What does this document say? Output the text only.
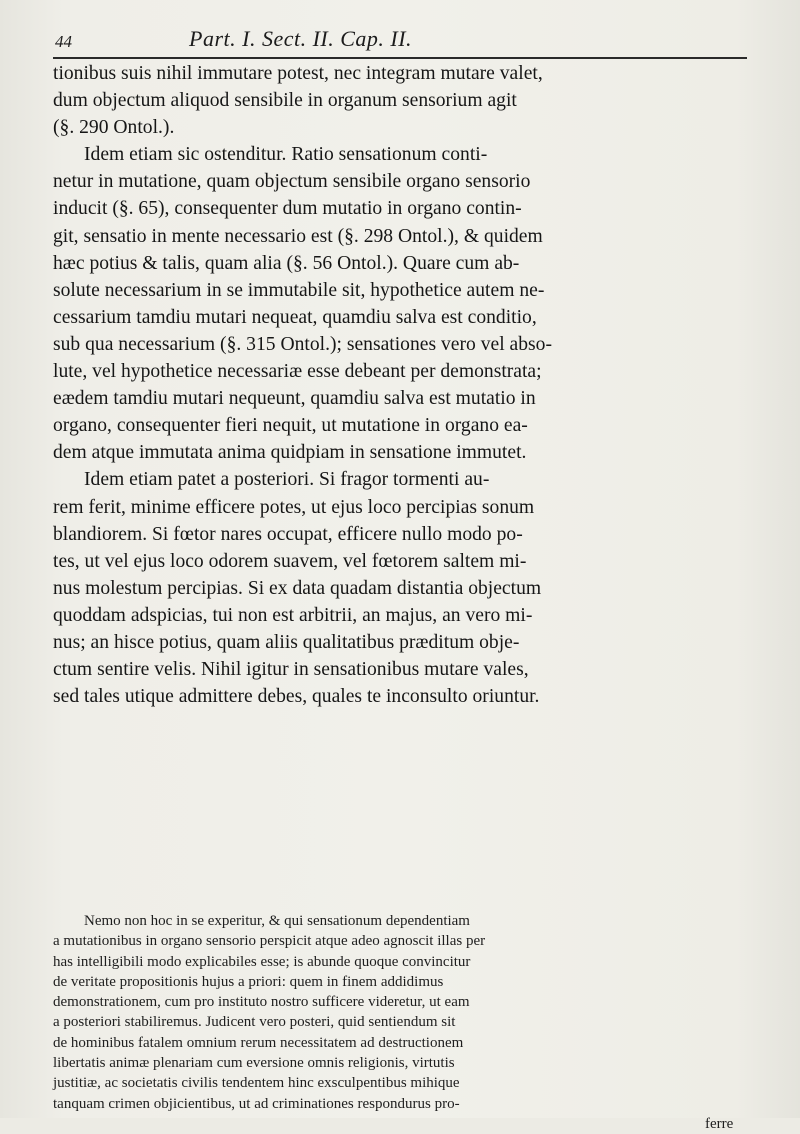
44	Part. I. Sect. II. Cap. II.
tionibus suis nihil immutare potest, nec integram mutare valet,
dum objectum aliquod sensibile in organum sensorium agit
(§. 290 Ontol.).
Idem etiam sic ostenditur. Ratio sensationum conti-
netur in mutatione, quam objectum sensibile organo sensorio
inducit (§. 65), consequenter dum mutatio in organo contin-
git, sensatio in mente necessario est (§. 298 Ontol.), & quidem
hæc potius & talis, quam alia (§. 56 Ontol.). Quare cum ab-
solute necessarium in se immutabile sit, hypothetice autem ne-
cessarium tamdiu mutari nequeat, quamdiu salva est conditio,
sub qua necessarium (§. 315 Ontol.); sensationes vero vel abso-
lute, vel hypothetice necessariæ esse debeant per demonstrata;
eædem tamdiu mutari nequeunt, quamdiu salva est mutatio in
organo, consequenter fieri nequit, ut mutatione in organo ea-
dem atque immutata anima quidpiam in sensatione immutet.
Idem etiam patet a posteriori. Si fragor tormenti au-
rem ferit, minime efficere potes, ut ejus loco percipias sonum
blandiorem. Si fœtor nares occupat, efficere nullo modo po-
tes, ut vel ejus loco odorem suavem, vel fœtorem saltem mi-
nus molestum percipias. Si ex data quadam distantia objectum
quoddam adspicias, tui non est arbitrii, an majus, an vero mi-
nus; an hisce potius, quam aliis qualitatibus præditum obje-
ctum sentire velis. Nihil igitur in sensationibus mutare vales,
sed tales utique admittere debes, quales te inconsulto oriuntur.
Nemo non hoc in se experitur, & qui sensationum dependentiam
a mutationibus in organo sensorio perspicit atque adeo agnoscit illas per
has intelligibili modo explicabiles esse; is abunde quoque convincitur
de veritate propositionis hujus a priori: quem in finem addidimus
demonstrationem, cum pro instituto nostro sufficere videretur, ut eam
a posteriori stabiliremus. Judicent vero posteri, quid sentiendum sit
de hominibus fatalem omnium rerum necessitatem ad destructionem
libertatis animæ plenariam cum eversione omnis religionis, virtutis
justitiæ, ac societatis civilis tendentem hinc exsculpentibus mihique
tanquam crimen objicientibus, ut ad criminationes respondurus pro-
ferre
